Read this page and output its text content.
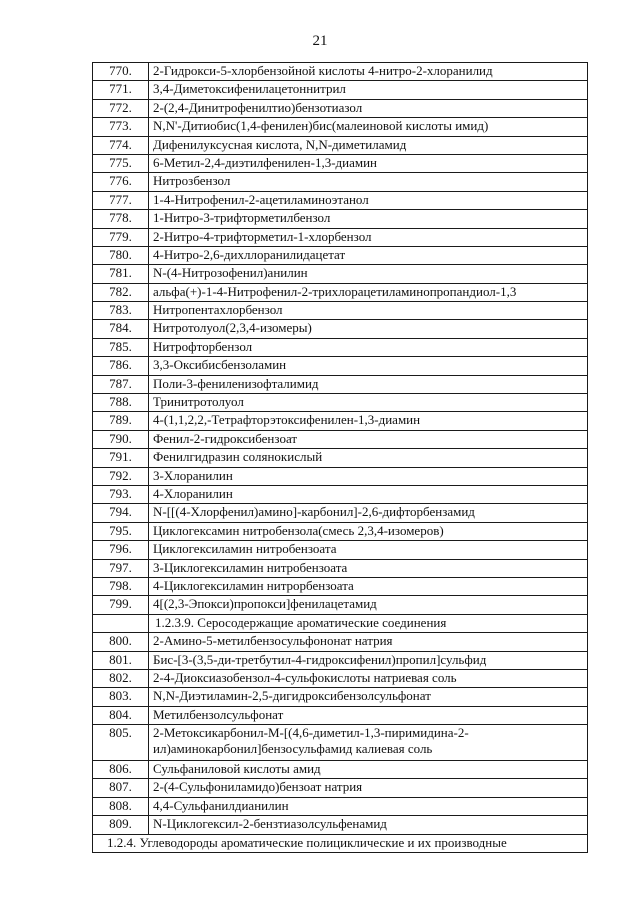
21
770.	2-Гидрокси-5-хлорбензойной кислоты 4-нитро-2-хлоранилид
771.	3,4-Диметоксифенилацетоннитрил
772.	2-(2,4-Динитрофенилтио)бензотиазол
773.	N,N'-Дитиобис(1,4-фенилен)бис(малеиновой кислоты имид)
774.	Дифенилуксусная кислота, N,N-диметиламид
775.	6-Метил-2,4-диэтилфенилен-1,3-диамин
776.	Нитрозбензол
777.	1-4-Нитрофенил-2-ацетиламиноэтанол
778.	1-Нитро-3-трифторметилбензол
779.	2-Нитро-4-трифторметил-1-хлорбензол
780.	4-Нитро-2,6-дихллоранилидацетат
781.	N-(4-Нитрозофенил)анилин
782.	альфа(+)-1-4-Нитрофенил-2-трихлорацетиламинопропандиол-1,3
783.	Нитропентахлорбензол
784.	Нитротолуол(2,3,4-изомеры)
785.	Нитрофторбензол
786.	3,3-Оксибисбензоламин
787.	Поли-3-фениленизофталимид
788.	Тринитротолуол
789.	4-(1,1,2,2,-Тетрафторэтоксифенилен-1,3-диамин
790.	Фенил-2-гидроксибензоат
791.	Фенилгидразин солянокислый
792.	3-Хлоранилин
793.	4-Хлоранилин
794.	N-[[(4-Хлорфенил)амино]-карбонил]-2,6-дифторбензамид
795.	Циклогексамин нитробензола(смесь 2,3,4-изомеров)
796.	Циклогексиламин нитробензоата
797.	3-Циклогексиламин нитробензоата
798.	4-Циклогексиламин нитрорбензоата
799.	4[(2,3-Эпокси)пропокси]фенилацетамид
	1.2.3.9. Серосодержащие ароматические соединения
800.	2-Амино-5-метилбензосульфононат натрия
801.	Бис-[3-(3,5-ди-третбутил-4-гидроксифенил)пропил]сульфид
802.	2-4-Диоксиазобензол-4-сульфокислоты натриевая соль
803.	N,N-Диэтиламин-2,5-дигидроксибензолсульфонат
804.	Метилбензолсульфонат
805.	2-Метоксикарбонил-М-[(4,6-диметил-1,3-пиримидина-2-ил)аминокарбонил]бензосульфамид калиевая соль
806.	Сульфаниловой кислоты амид
807.	2-(4-Сульфониламидо)бензоат натрия
808.	4,4-Сульфанилдианилин
809.	N-Циклогексил-2-бензтиазолсульфенамид
1.2.4. Углеводороды ароматические полициклические и их производные	
